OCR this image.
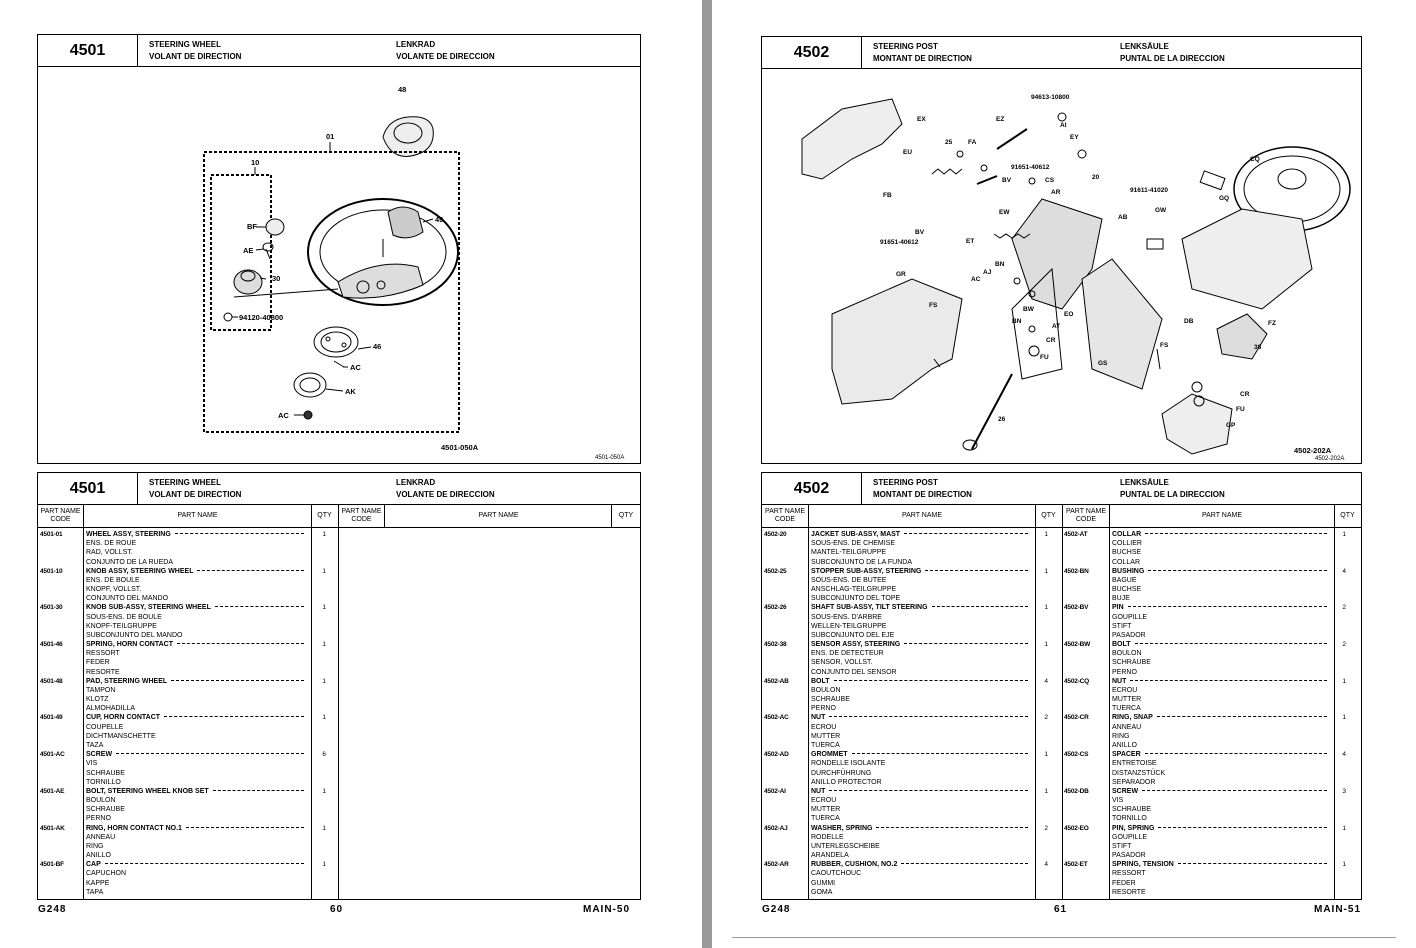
4501	STEERING WHEEL
VOLANT DE DIRECTION
LENKRAD
VOLANTE DE DIRECCION
48
01
10
BF
49
AE
30
94120-40800
46
AC
AK
AC
4501-050A
4501-050A
4501	STEERING WHEEL
VOLANT DE DIRECTION
LENKRAD
VOLANTE DE DIRECCION
PART NAME CODE
PART NAME	QTY
PART NAME CODE
PART NAME	QTY
4501-01	WHEEL ASSY, STEERING
ENS. DE ROUE
RAD, VOLLST.
CONJUNTO DE LA RUEDA
1
4501-10	KNOB ASSY, STEERING WHEEL
ENS. DE BOULE
KNOPF, VOLLST.
CONJUNTO DEL MANDO
1
4501-30	KNOB SUB-ASSY, STEERING WHEEL
SOUS-ENS. DE BOULE
KNOPF-TEILGRUPPE
SUBCONJUNTO DEL MANDO
1
4501-46	SPRING, HORN CONTACT
RESSORT
FEDER
RESORTE
1
4501-48	PAD, STEERING WHEEL
TAMPON
KLOTZ
ALMOHADILLA
1
4501-49	CUP, HORN CONTACT
COUPELLE
DICHTMANSCHETTE
TAZA
1
4501-AC	SCREW
VIS
SCHRAUBE
TORNILLO
6
4501-AE	BOLT, STEERING WHEEL KNOB SET
BOULON
SCHRAUBE
PERNO
1
4501-AK	RING, HORN CONTACT NO.1
ANNEAU
RING
ANILLO
1
4501-BF	CAP
CAPUCHON
KAPPE
TAPA
1
G248	60	MAIN-50
4502	STEERING POST
MONTANT DE DIRECTION
LENKSÄULE
PUNTAL DE LA DIRECCION
94613-10800
AI
EX	EZ
EY
25 FA
EU
91651-40612
BV	CS
AR
20
91611-41020
CQ
GQ
FB
GW
EW
AB
BV
91651-40612	ET
BN
AJ
AC
GR
FS
BW
EO
BN
AT
CR
FU
DB	FZ
FS	38
GS
CR
FU
26
GP
4502-202A
4502-202A
4502	STEERING POST
MONTANT DE DIRECTION
LENKSÄULE
PUNTAL DE LA DIRECCION
PART NAME CODE
PART NAME	QTY
PART NAME CODE
PART NAME	QTY
4502-20	JACKET SUB-ASSY, MAST
SOUS-ENS. DE CHEMISE
MANTEL-TEILGRUPPE
SUBCONJUNTO DE LA FUNDA
1
4502-25	STOPPER SUB-ASSY, STEERING
SOUS-ENS. DE BUTEE
ANSCHLAG-TEILGRUPPE
SUBCONJUNTO DEL TOPE
1
4502-26	SHAFT SUB-ASSY, TILT STEERING
SOUS-ENS. D'ARBRE
WELLEN-TEILGRUPPE
SUBCONJUNTO DEL EJE
1
4502-38	SENSOR ASSY, STEERING
ENS. DE DETECTEUR
SENSOR, VOLLST.
CONJUNTO DEL SENSOR
1
4502-AB	BOLT
BOULON
SCHRAUBE
PERNO
4
4502-AC	NUT
ECROU
MUTTER
TUERCA
2
4502-AD	GROMMET
RONDELLE ISOLANTE
DURCHFÜHRUNG
ANILLO PROTECTOR
1
4502-AI	NUT
ECROU
MUTTER
TUERCA
1
4502-AJ	WASHER, SPRING
RODELLE
UNTERLEGSCHEIBE
ARANDELA
2
4502-AR	RUBBER, CUSHION, NO.2
CAOUTCHOUC
GUMMI
GOMA
4
4502-AT	COLLAR
COLLIER
BUCHSE
COLLAR
1
4502-BN	BUSHING
BAGUE
BUCHSE
BUJE
4
4502-BV	PIN
GOUPILLE
STIFT
PASADOR
2
4502-BW	BOLT
BOULON
SCHRAUBE
PERNO
2
4502-CQ	NUT
ECROU
MUTTER
TUERCA
1
4502-CR	RING, SNAP
ANNEAU
RING
ANILLO
1
4502-CS	SPACER
ENTRETOISE
DISTANZSTÜCK
SEPARADOR
4
4502-DB	SCREW
VIS
SCHRAUBE
TORNILLO
3
4502-EO	PIN, SPRING
GOUPILLE
STIFT
PASADOR
1
4502-ET	SPRING, TENSION
RESSORT
FEDER
RESORTE
1
G248	61	MAIN-51
